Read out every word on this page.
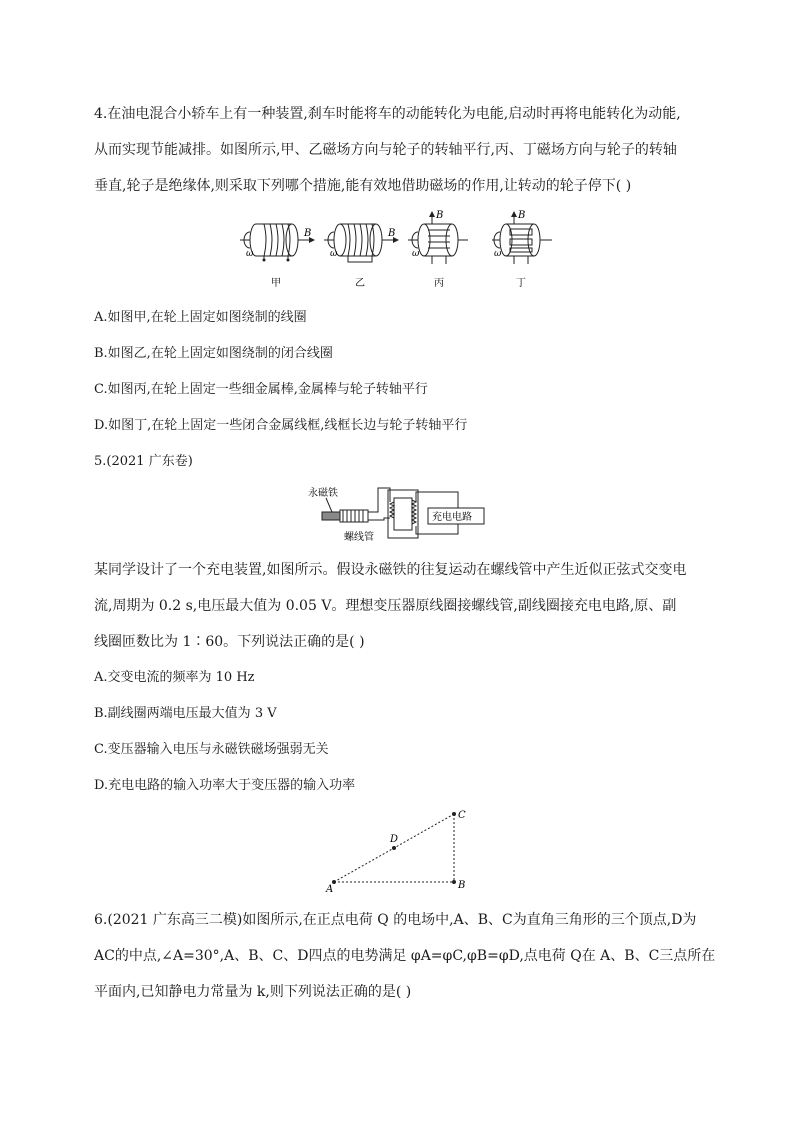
4.在油电混合小轿车上有一种装置,刹车时能将车的动能转化为电能,启动时再将电能转化为动能,
从而实现节能减排。如图所示,甲、乙磁场方向与轮子的转轴平行,丙、丁磁场方向与轮子的转轴
垂直,轮子是绝缘体,则采取下列哪个措施,能有效地借助磁场的作用,让转动的轮子停下( )
B	B
B	B
ω	ω	ω	ω
甲	乙	丙	丁
A.如图甲,在轮上固定如图绕制的线圈
B.如图乙,在轮上固定如图绕制的闭合线圈
C.如图丙,在轮上固定一些细金属棒,金属棒与轮子转轴平行
D.如图丁,在轮上固定一些闭合金属线框,线框长边与轮子转轴平行
5.(2021 广东卷)
充电电路
永磁铁
螺线管
某同学设计了一个充电装置,如图所示。假设永磁铁的往复运动在螺线管中产生近似正弦式交变电
流,周期为 0.2 s,电压最大值为 0.05 V。理想变压器原线圈接螺线管,副线圈接充电电路,原、副
线圈匝数比为 1∶60。下列说法正确的是( )
A.交变电流的频率为 10 Hz
B.副线圈两端电压最大值为 3 V
C.变压器输入电压与永磁铁磁场强弱无关
D.充电电路的输入功率大于变压器的输入功率
A	B
C
D
6.(2021 广东高三二模)如图所示,在正点电荷 Q 的电场中,A、B、C为直角三角形的三个顶点,D为
AC的中点,∠A=30°,A、B、C、D四点的电势满足 φA=φC,φB=φD,点电荷 Q在 A、B、C三点所在
平面内,已知静电力常量为 k,则下列说法正确的是( )
